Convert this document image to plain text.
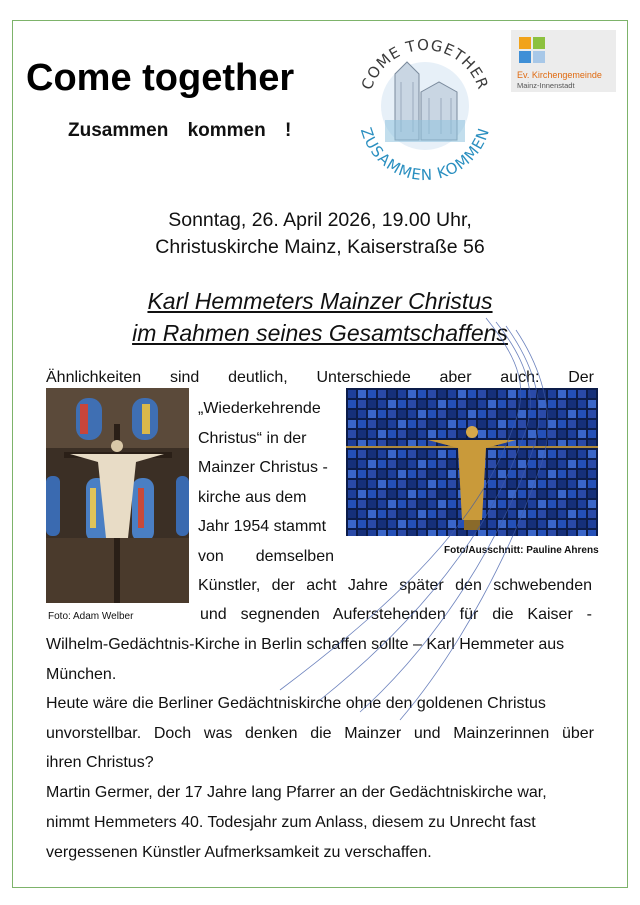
Come together
Zusammen kommen !
COME TOGETHER
ZUSAMMEN KOMMEN
Ev. Kirchengemeinde
Mainz-Innenstadt
Sonntag, 26. April 2026, 19.00 Uhr,
Christuskirche Mainz, Kaiserstraße 56
Karl Hemmeters Mainzer Christus
im Rahmen seines Gesamtschaffens
Ähnlichkeiten sind deutlich, Unterschiede aber auch: Der
„Wiederkehrende
Christus“ in der
Mainzer Christus -
kirche aus dem
Jahr 1954 stammt
von demselben
Künstler, der acht Jahre später den schwebenden
und segnenden Auferstehenden für die Kaiser -
Wilhelm-Gedächtnis-Kirche in Berlin schaffen sollte – Karl Hemmeter aus
München.
Heute wäre die Berliner Gedächtniskirche ohne den goldenen Christus
unvorstellbar. Doch was denken die Mainzer und Mainzerinnen über
ihren Christus?
Martin Germer, der 17 Jahre lang Pfarrer an der Gedächtniskirche war,
nimmt Hemmeters 40. Todesjahr zum Anlass, diesem zu Unrecht fast
vergessenen Künstler Aufmerksamkeit zu verschaffen.
Foto: Adam Welber
Foto/Ausschnitt: Pauline Ahrens
